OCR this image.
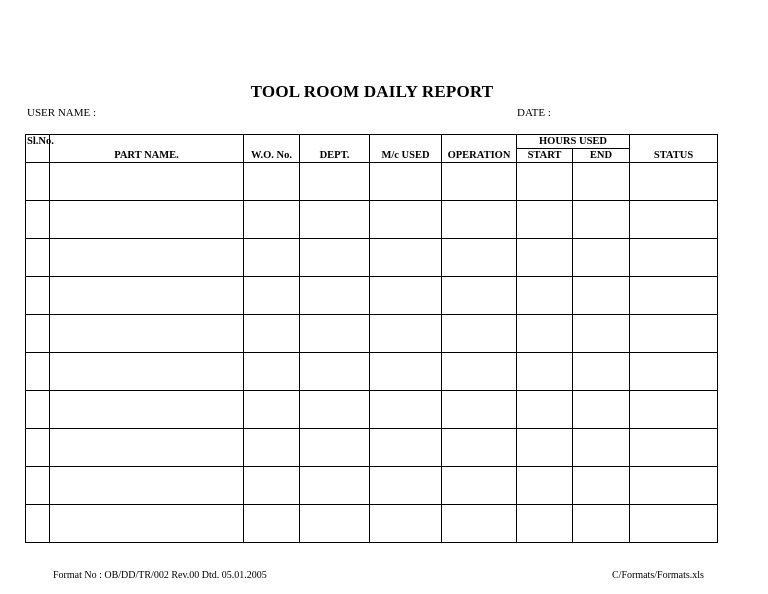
TOOL ROOM DAILY REPORT
USER NAME :	DATE :
Sl.No.	PART NAME.	W.O. No.	DEPT.	M/c USED	OPERATION	HOURS USED		STATUS
						START	END	

Format No : OB/DD/TR/002 Rev.00 Dtd. 05.01.2005	C/Formats/Formats.xls
